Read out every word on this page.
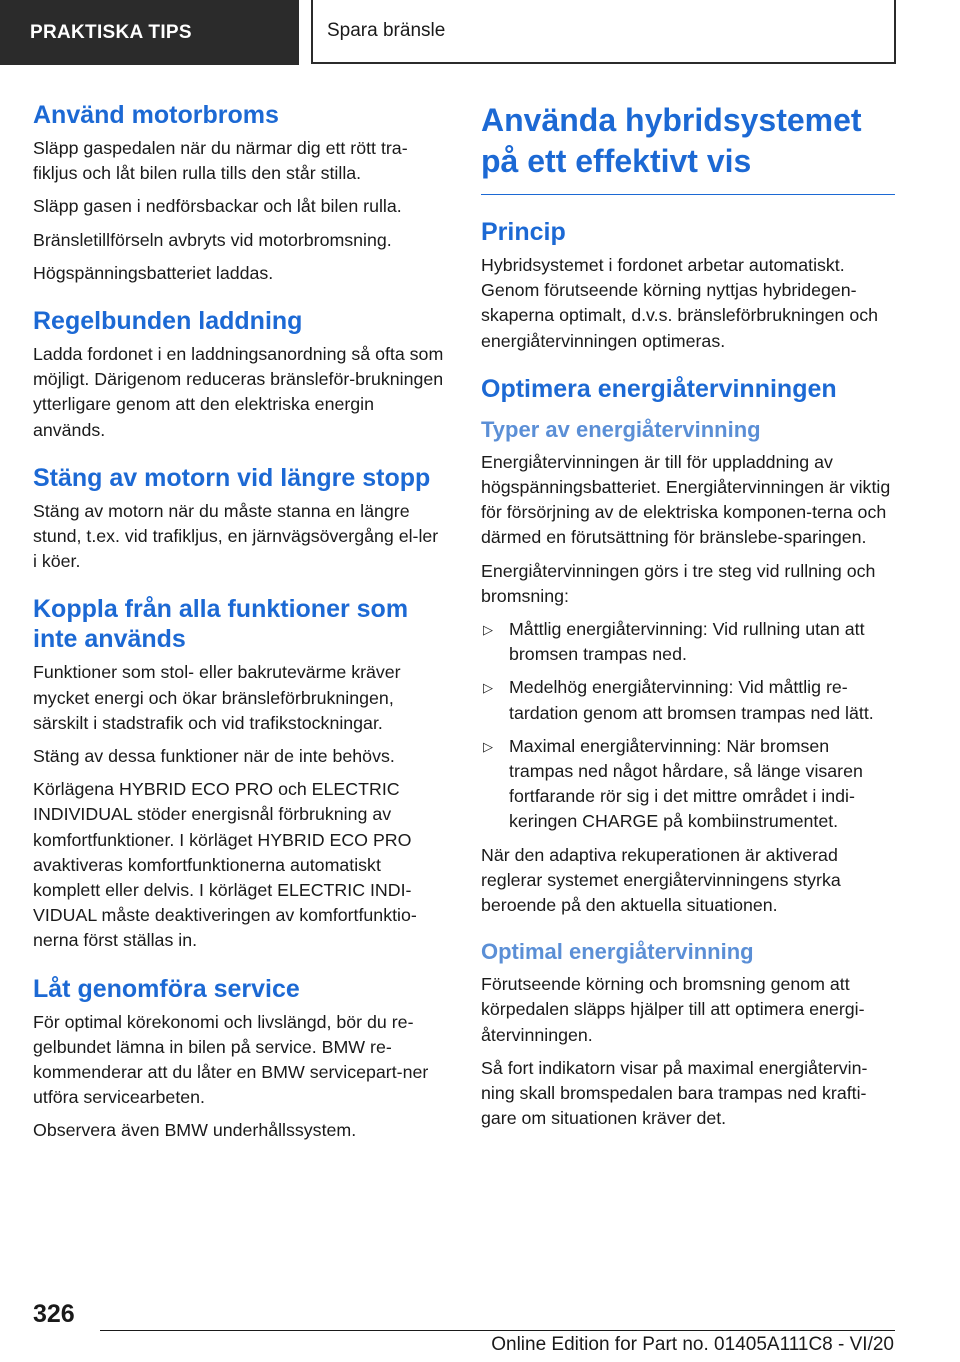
PRAKTISKA TIPS	Spara bränsle
Använd motorbroms

Släpp gaspedalen när du närmar dig ett rött tra-fikljus och låt bilen rulla tills den står stilla.

Släpp gasen i nedförsbackar och låt bilen rulla.

Bränsletillförseln avbryts vid motorbromsning.

Högspänningsbatteriet laddas.

Regelbunden laddning

Ladda fordonet i en laddningsanordning så ofta som möjligt. Därigenom reduceras bränsleför-brukningen ytterligare genom att den elektriska energin används.

Stäng av motorn vid längre stopp

Stäng av motorn när du måste stanna en längre stund, t.ex. vid trafikljus, en järnvägsövergång el-ler i köer.

Koppla från alla funktioner som inte används

Funktioner som stol- eller bakrutevärme kräver mycket energi och ökar bränsleförbrukningen, särskilt i stadstrafik och vid trafikstockningar.

Stäng av dessa funktioner när de inte behövs.

Körlägena HYBRID ECO PRO och ELECTRIC INDIVIDUAL stöder energisnål förbrukning av komfortfunktioner. I körläget HYBRID ECO PRO avaktiveras komfortfunktionerna automatiskt komplett eller delvis. I körläget ELECTRIC INDI-VIDUAL måste deaktiveringen av komfortfunktio-nerna först ställas in.

Låt genomföra service

För optimal körekonomi och livslängd, bör du re-gelbundet lämna in bilen på service. BMW re-kommenderar att du låter en BMW servicepart-ner utföra servicearbeten.

Observera även BMW underhållssystem.

Använda hybridsystemet på ett effektivt vis
Princip

Hybridsystemet i fordonet arbetar automatiskt. Genom förutseende körning nyttjas hybridegen-skaperna optimalt, d.v.s. bränsleförbrukningen och energiåtervinningen optimeras.

Optimera energiåtervinningen
Typer av energiåtervinning

Energiåtervinningen är till för uppladdning av högspänningsbatteriet. Energiåtervinningen är viktig för försörjning av de elektriska komponen-terna och därmed en förutsättning för bränslebe-sparingen.

Energiåtervinningen görs i tre steg vid rullning och bromsning:

▷ Måttlig energiåtervinning: Vid rullning utan att bromsen trampas ned.
▷ Medelhög energiåtervinning: Vid måttlig re-tardation genom att bromsen trampas ned lätt.
▷ Maximal energiåtervinning: När bromsen trampas ned något hårdare, så länge visaren fortfarande rör sig i det mittre området i indi-keringen CHARGE på kombiinstrumentet.

När den adaptiva rekuperationen är aktiverad reglerar systemet energiåtervinningens styrka beroende på den aktuella situationen.

Optimal energiåtervinning

Förutseende körning och bromsning genom att körpedalen släpps hjälper till att optimera energi-återvinningen.

Så fort indikatorn visar på maximal energiåtervin-ning skall bromspedalen bara trampas ned krafti-gare om situationen kräver det.

326
Online Edition for Part no. 01405A111C8 - VI/20
